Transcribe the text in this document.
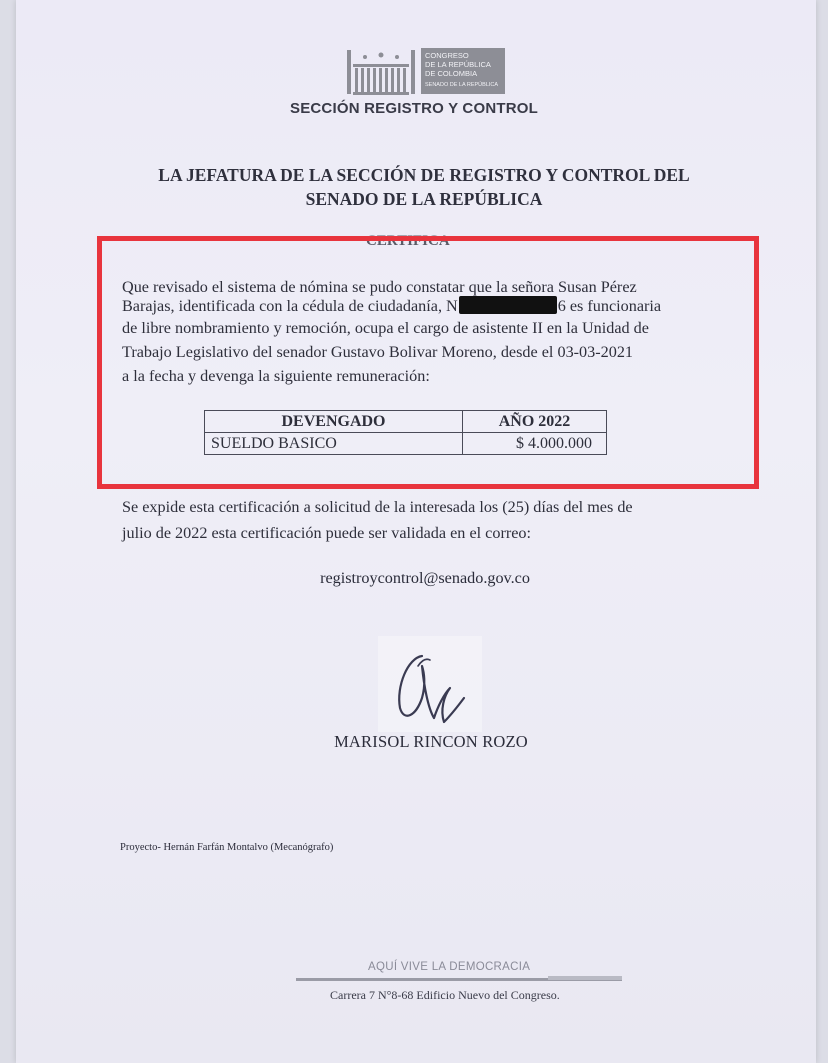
CONGRESO
DE LA REPÚBLICA
DE COLOMBIA
SENADO DE LA REPÚBLICA
SECCIÓN REGISTRO Y CONTROL
LA JEFATURA DE LA SECCIÓN DE REGISTRO Y CONTROL DEL
SENADO DE LA REPÚBLICA
CERTIFICA
Que revisado el sistema de nómina se pudo constatar que la señora Susan Pérez
Barajas, identificada con la cédula de ciudadanía, N	6 es funcionaria
de libre nombramiento y remoción, ocupa el cargo de asistente II en la Unidad de
Trabajo Legislativo del senador Gustavo Bolivar Moreno, desde el 03-03-2021
a la fecha y devenga la siguiente remuneración:
DEVENGADO	AÑO 2022
SUELDO BASICO	$ 4.000.000
Se expide esta certificación a solicitud de la interesada los (25) días del mes de
julio de 2022 esta certificación puede ser validada en el correo:
registroycontrol@senado.gov.co
MARISOL RINCON ROZO
Proyecto- Hernán Farfán Montalvo (Mecanógrafo)
AQUÍ VIVE LA DEMOCRACIA
Carrera 7 N°8-68 Edificio Nuevo del Congreso.
